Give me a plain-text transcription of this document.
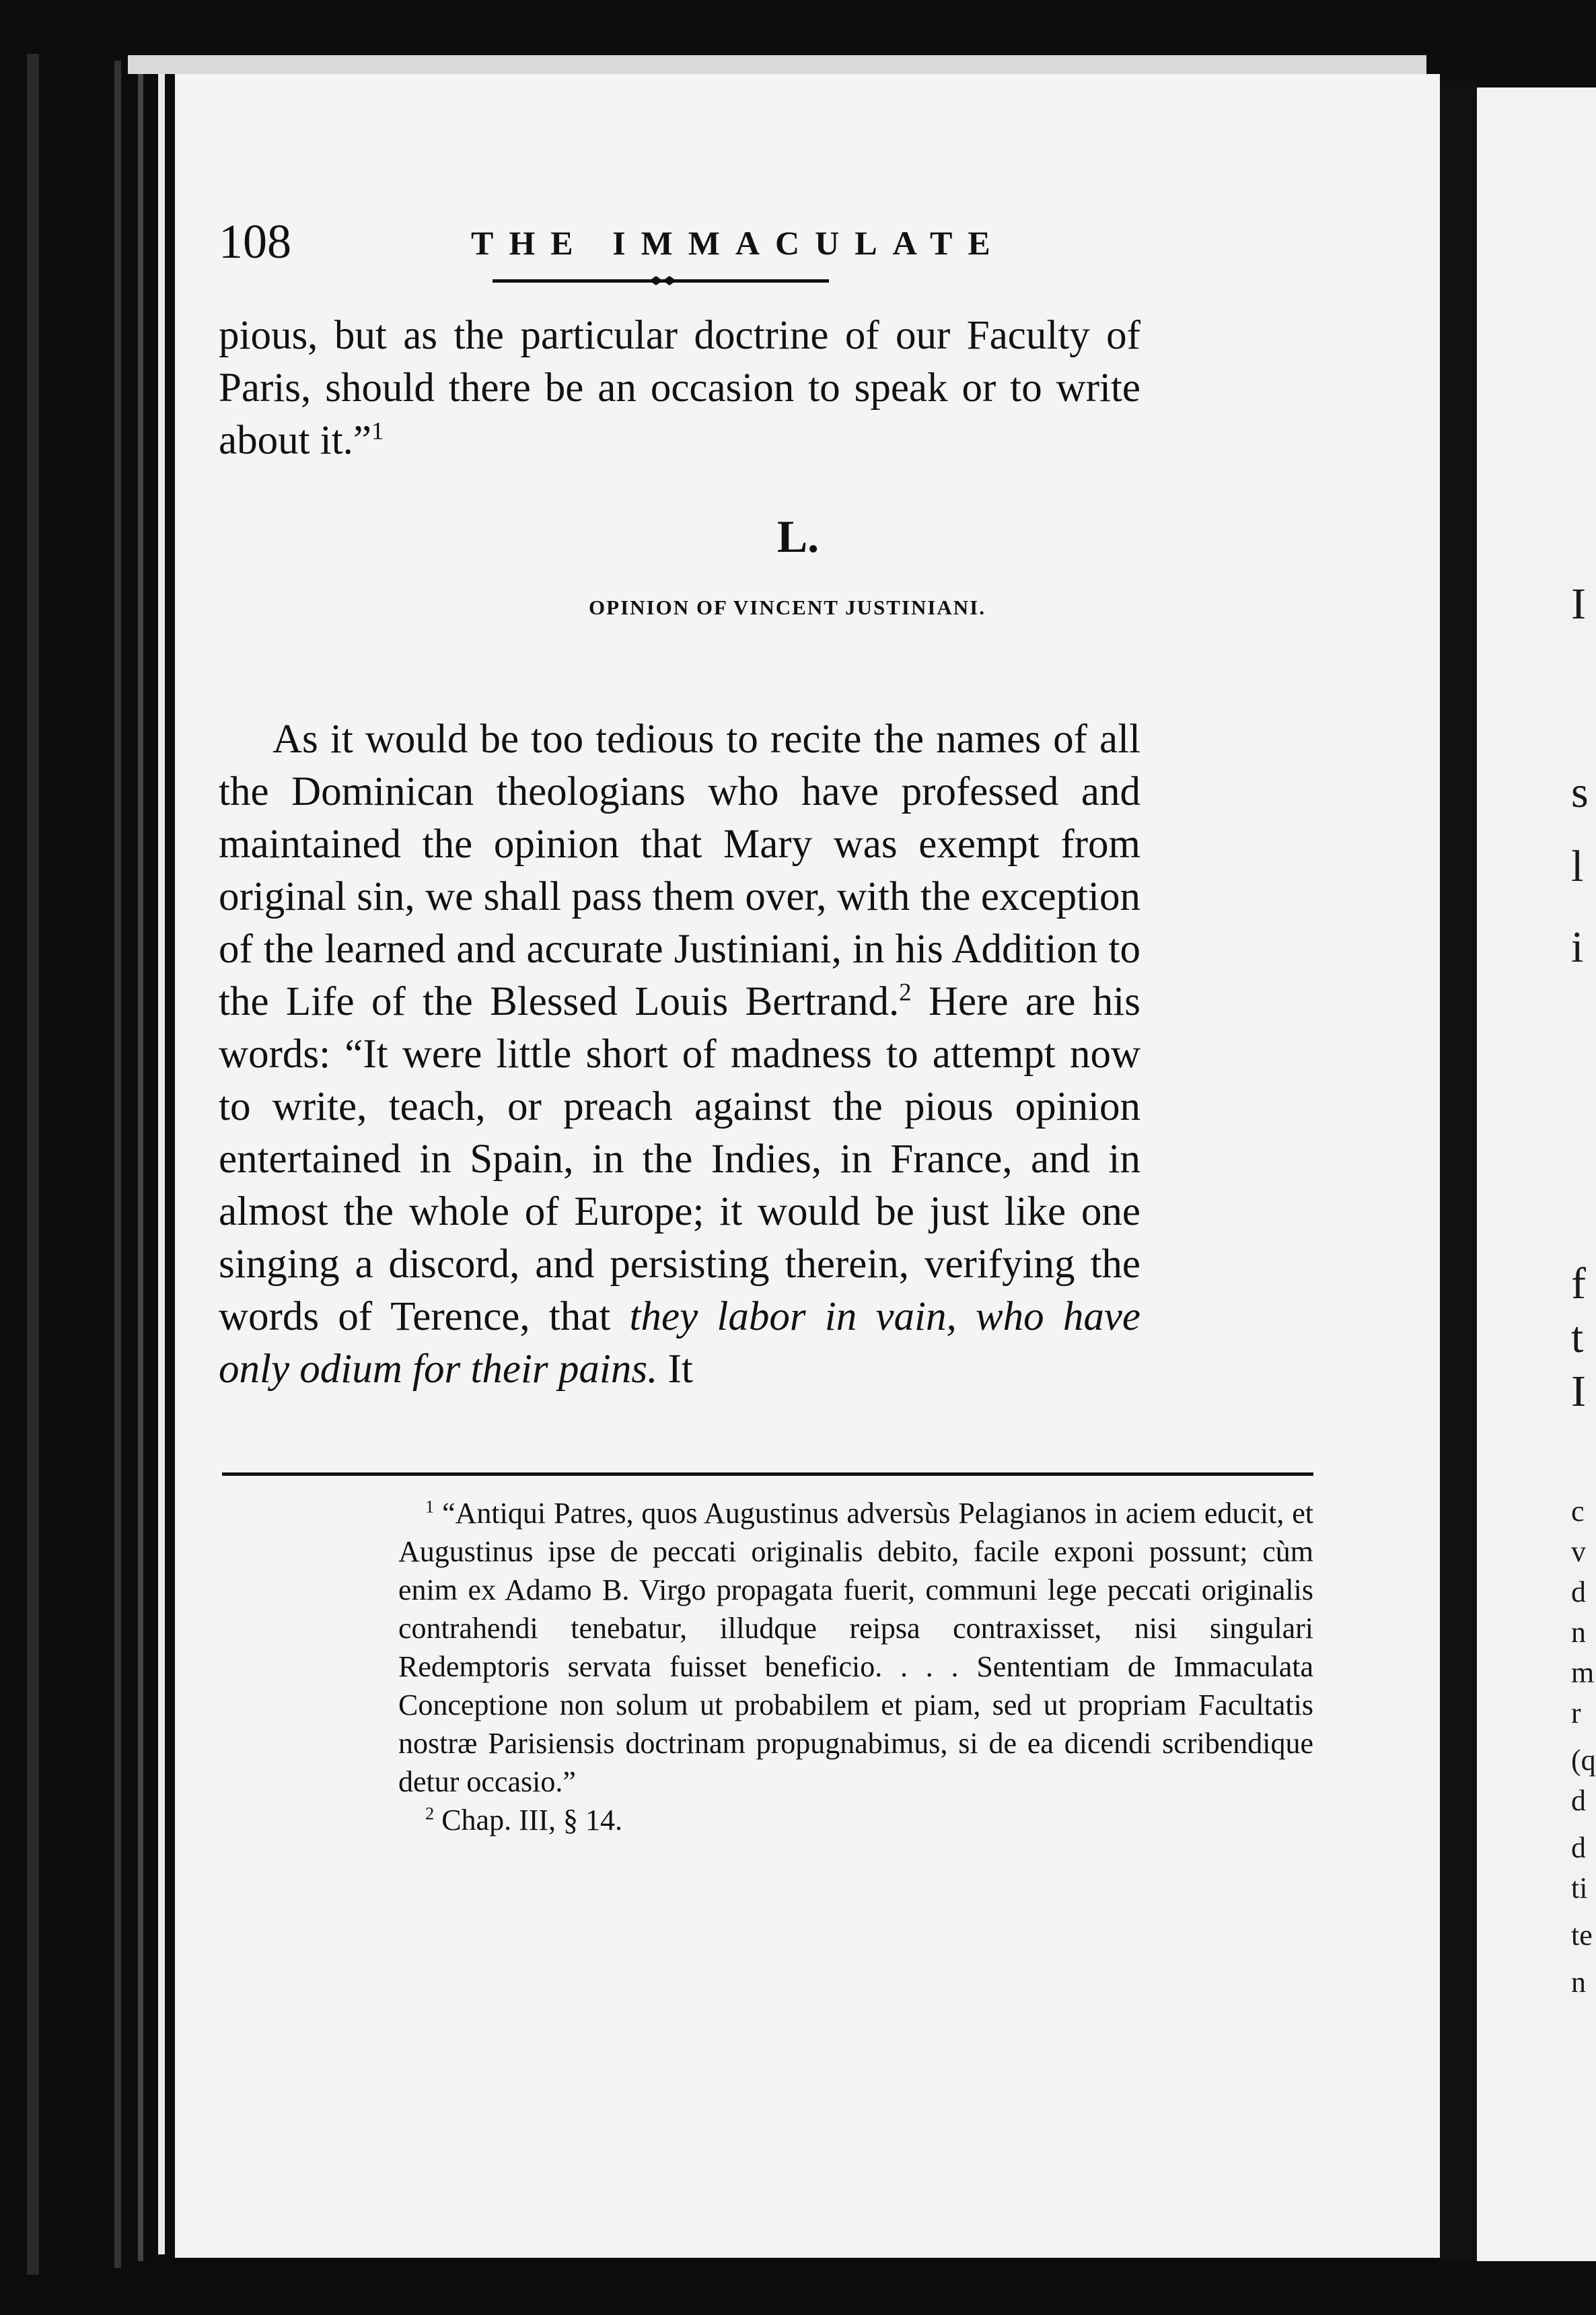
108	THE IMMACULATE
pious, but as the particular doctrine of our Faculty of Paris, should there be an occasion to speak or to write about it.”$^1$
L.
OPINION OF VINCENT JUSTINIANI.
As it would be too tedious to recite the names of all the Dominican theologians who have professed and maintained the opinion that Mary was exempt from original sin, we shall pass them over, with the exception of the learned and accurate Justiniani, in his Addition to the Life of the Blessed Louis Bertrand.$^2$ Here are his words: “It were little short of madness to attempt now to write, teach, or preach against the pious opinion entertained in Spain, in the Indies, in France, and in almost the whole of Europe; it would be just like one singing a discord, and persisting therein, verifying the words of Terence, that they labor in vain, who have only odium for their pains. It
$^1$ “Antiqui Patres, quos Augustinus adversùs Pelagianos in aciem educit, et Augustinus ipse de peccati originalis debito, facile exponi possunt; cùm enim ex Adamo B. Virgo propagata fuerit, communi lege peccati originalis contrahendi tenebatur, illudque reipsa contraxisset, nisi singulari Redemptoris servata fuisset beneficio. . . . Sententiam de Immaculata Conceptione non solum ut probabilem et piam, sed ut propriam Facultatis nostræ Parisiensis doctrinam propugnabimus, si de ea dicendi scribendique detur occasio.”
$^2$ Chap. III, § 14.
I
s
l
i
f
t
I
c
v
d
n
m
r
(q
d
d
ti
te
n
